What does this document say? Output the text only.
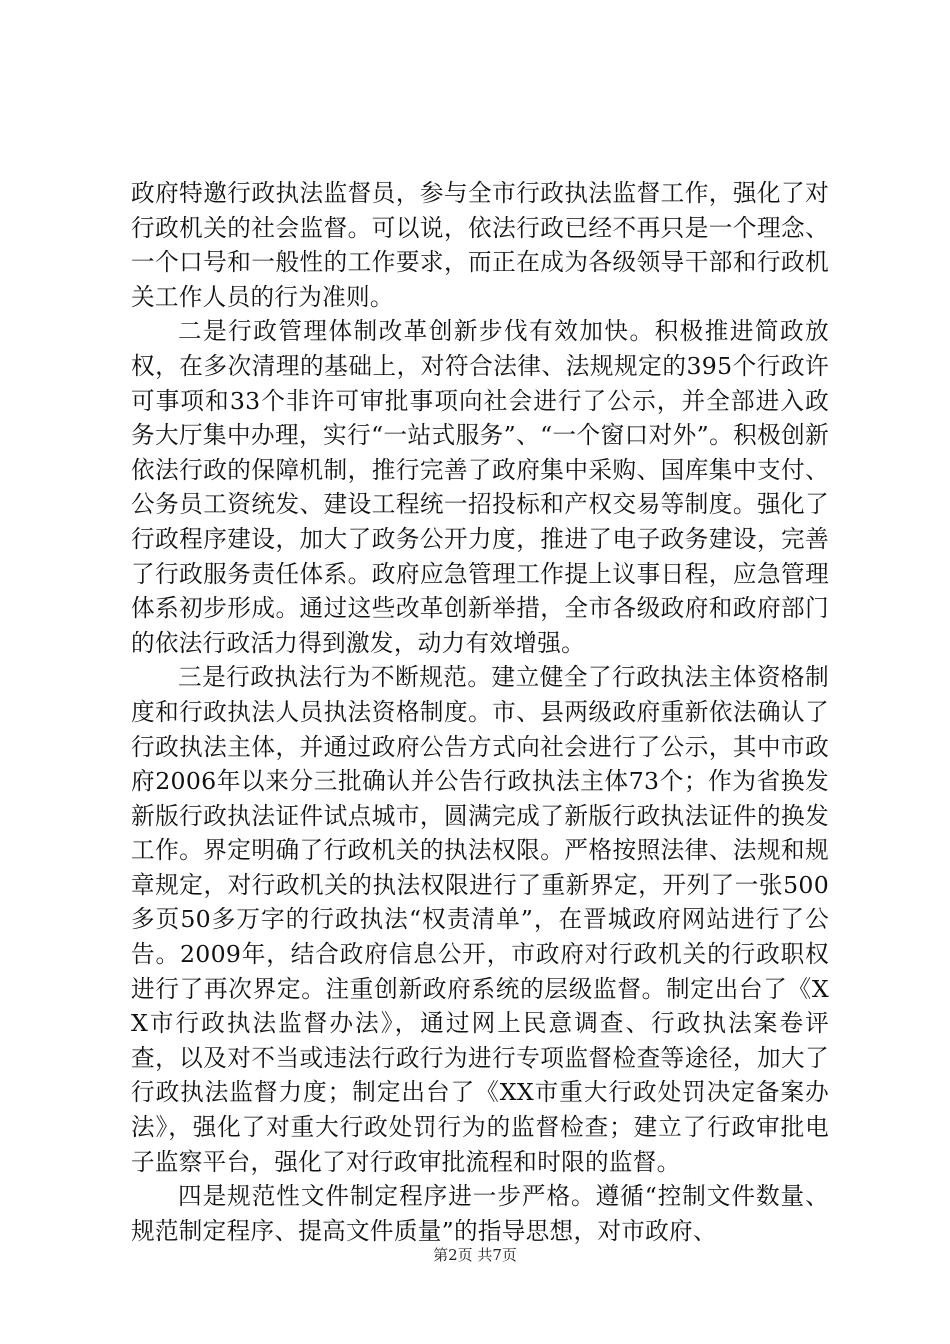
政府特邀行政执法监督员，参与全市行政执法监督工作，强化了对行政机关的社会监督。可以说，依法行政已经不再只是一个理念、一个口号和一般性的工作要求，而正在成为各级领导干部和行政机关工作人员的行为准则。

二是行政管理体制改革创新步伐有效加快。积极推进简政放权，在多次清理的基础上，对符合法律、法规规定的395个行政许可事项和33个非许可审批事项向社会进行了公示，并全部进入政务大厅集中办理，实行“一站式服务”、“一个窗口对外”。积极创新依法行政的保障机制，推行完善了政府集中采购、国库集中支付、公务员工资统发、建设工程统一招投标和产权交易等制度。强化了行政程序建设，加大了政务公开力度，推进了电子政务建设，完善了行政服务责任体系。政府应急管理工作提上议事日程，应急管理体系初步形成。通过这些改革创新举措，全市各级政府和政府部门的依法行政活力得到激发，动力有效增强。

三是行政执法行为不断规范。建立健全了行政执法主体资格制度和行政执法人员执法资格制度。市、县两级政府重新依法确认了行政执法主体，并通过政府公告方式向社会进行了公示，其中市政府2006年以来分三批确认并公告行政执法主体73个；作为省换发新版行政执法证件试点城市，圆满完成了新版行政执法证件的换发工作。界定明确了行政机关的执法权限。严格按照法律、法规和规章规定，对行政机关的执法权限进行了重新界定，开列了一张500多页50多万字的行政执法“权责清单”，在晋城政府网站进行了公告。2009年，结合政府信息公开，市政府对行政机关的行政职权进行了再次界定。注重创新政府系统的层级监督。制定出台了《XX市行政执法监督办法》，通过网上民意调查、行政执法案卷评查，以及对不当或违法行政行为进行专项监督检查等途径，加大了行政执法监督力度；制定出台了《XX市重大行政处罚决定备案办法》，强化了对重大行政处罚行为的监督检查；建立了行政审批电子监察平台，强化了对行政审批流程和时限的监督。

四是规范性文件制定程序进一步严格。遵循“控制文件数量、规范制定程序、提高文件质量”的指导思想，对市政府、

第2页 共7页
